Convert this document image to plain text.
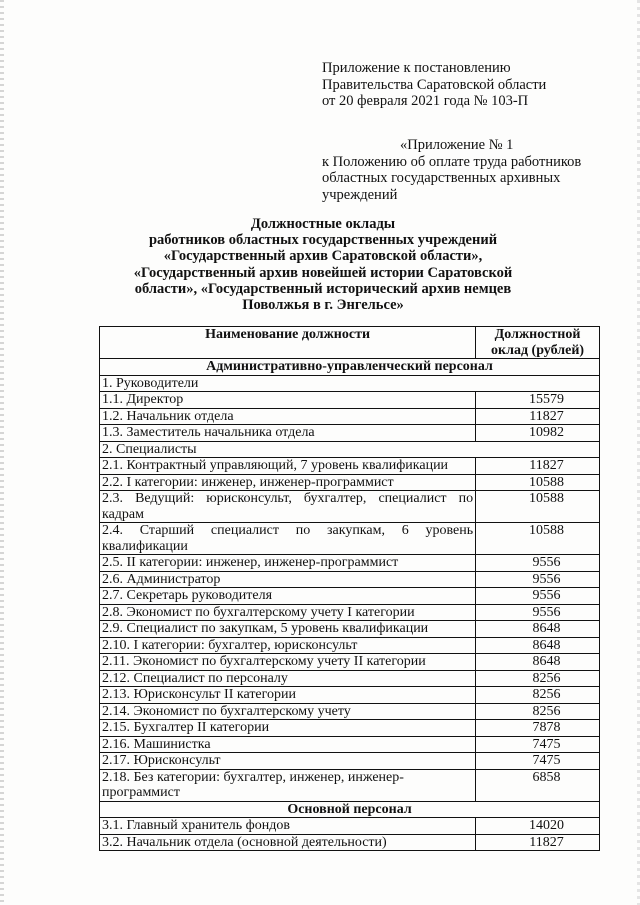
Приложение к постановлению
Правительства Саратовской области
от 20 февраля 2021 года № 103-П
«Приложение № 1
к Положению об оплате труда работников
областных государственных архивных
учреждений
Должностные оклады
работников областных государственных учреждений
«Государственный архив Саратовской области»,
«Государственный архив новейшей истории Саратовской
области», «Государственный исторический архив немцев
Поволжья в г. Энгельсе»
Наименование должности	Должностной
оклад (рублей)

Административно-управленческий персонал	
1. Руководители	
1.1. Директор	15579
1.2. Начальник отдела	11827
1.3. Заместитель начальника отдела	10982
2. Специалисты	
2.1. Контрактный управляющий, 7 уровень квалификации	11827
2.2. I категории: инженер, инженер-программист	10588
2.3. Ведущий: юрисконсульт, бухгалтер, специалист по кадрам	10588
2.4. Старший специалист по закупкам, 6 уровень квалификации	10588
2.5. II категории: инженер, инженер-программист	9556
2.6. Администратор	9556
2.7. Секретарь руководителя	9556
2.8. Экономист по бухгалтерскому учету I категории	9556
2.9. Специалист по закупкам, 5 уровень квалификации	8648
2.10. I категории: бухгалтер, юрисконсульт	8648
2.11. Экономист по бухгалтерскому учету II категории	8648
2.12. Специалист по персоналу	8256
2.13. Юрисконсульт II категории	8256
2.14. Экономист по бухгалтерскому учету	8256
2.15. Бухгалтер II категории	7878
2.16. Машинистка	7475
2.17. Юрисконсульт	7475
2.18. Без категории: бухгалтер, инженер, инженер-программист	6858
Основной персонал	
3.1. Главный хранитель фондов	14020
3.2. Начальник отдела (основной деятельности)	11827
